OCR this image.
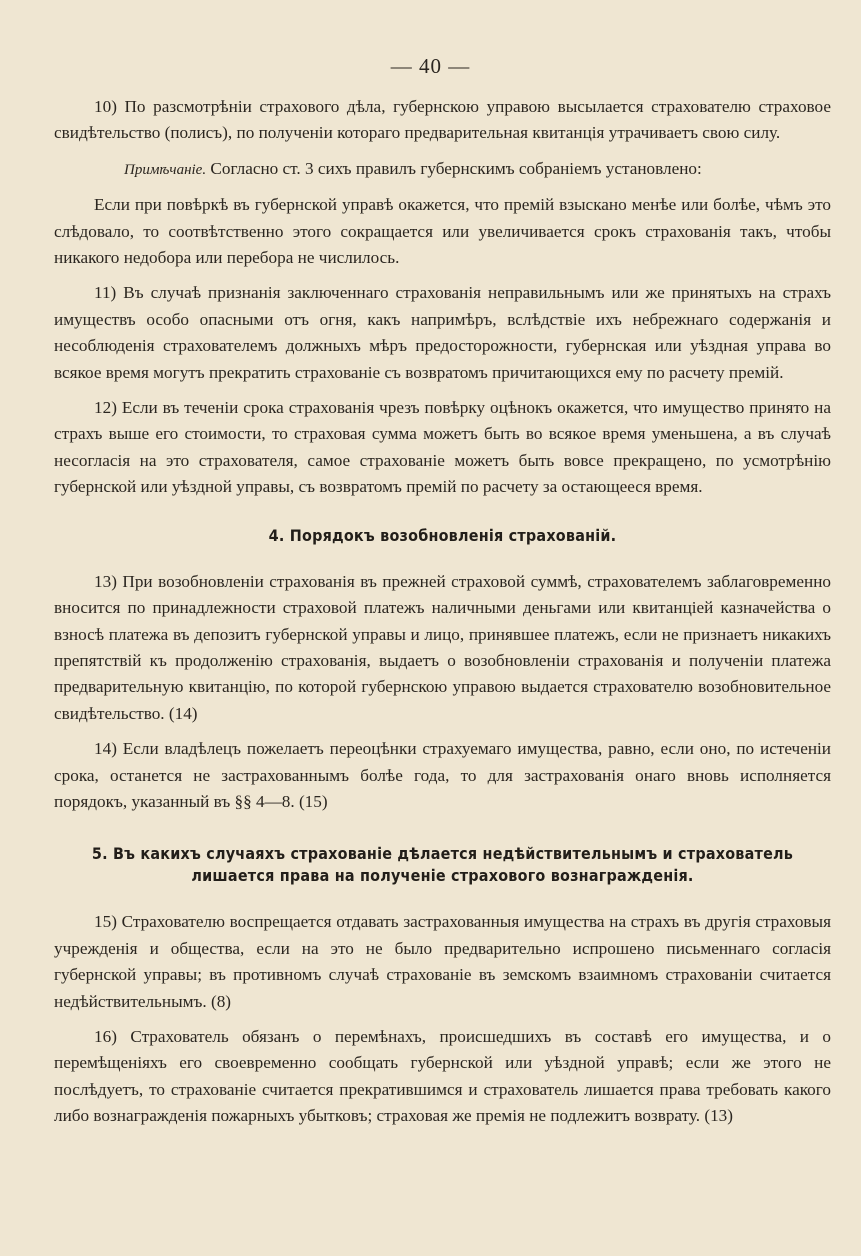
— 40 —

10) По разсмотрѣніи страхового дѣла, губернскою управою высылается страхователю страховое свидѣтельство (полисъ), по полученіи котораго предварительная квитанція утрачиваетъ свою силу.

Примѣчаніе. Согласно ст. 3 сихъ правилъ губернскимъ собраніемъ установлено:

Если при повѣркѣ въ губернской управѣ окажется, что премій взыскано менѣе или болѣе, чѣмъ это слѣдовало, то соотвѣтственно этого сокращается или увеличивается срокъ страхованія такъ, чтобы никакого недобора или перебора не числилось.

11) Въ случаѣ признанія заключеннаго страхованія неправильнымъ или же принятыхъ на страхъ имуществъ особо опасными отъ огня, какъ напримѣръ, вслѣдствіе ихъ небрежнаго содержанія и несоблюденія страхователемъ должныхъ мѣръ предосторожности, губернская или уѣздная управа во всякое время могутъ прекратить страхованіе съ возвратомъ причитающихся ему по расчету премій.

12) Если въ теченіи срока страхованія чрезъ повѣрку оцѣнокъ окажется, что имущество принято на страхъ выше его стоимости, то страховая сумма можетъ быть во всякое время уменьшена, а въ случаѣ несогласія на это страхователя, самое страхованіе можетъ быть вовсе прекращено, по усмотрѣнію губернской или уѣздной управы, съ возвратомъ премій по расчету за остающееся время.

4. Порядокъ возобновленія страхованій.

13) При возобновленіи страхованія въ прежней страховой суммѣ, страхователемъ заблаговременно вносится по принадлежности страховой платежъ наличными деньгами или квитанціей казначейства о взносѣ платежа въ депозитъ губернской управы и лицо, принявшее платежъ, если не признаетъ никакихъ препятствій къ продолженію страхованія, выдаетъ о возобновленіи страхованія и полученіи платежа предварительную квитанцію, по которой губернскою управою выдается страхователю возобновительное свидѣтельство. (14)

14) Если владѣлецъ пожелаетъ переоцѣнки страхуемаго имущества, равно, если оно, по истеченіи срока, останется не застрахованнымъ болѣе года, то для застрахованія онаго вновь исполняется порядокъ, указанный въ §§ 4—8. (15)

5. Въ какихъ случаяхъ страхованіе дѣлается недѣйствительнымъ и страхователь лишается права на полученіе страхового вознагражденія.

15) Страхователю воспрещается отдавать застрахованныя имущества на страхъ въ другія страховыя учрежденія и общества, если на это не было предварительно испрошено письменнаго согласія губернской управы; въ противномъ случаѣ страхованіе въ земскомъ взаимномъ страхованіи считается недѣйствительнымъ. (8)

16) Страхователь обязанъ о перемѣнахъ, происшедшихъ въ составѣ его имущества, и о перемѣщеніяхъ его своевременно сообщать губернской или уѣздной управѣ; если же этого не послѣдуетъ, то страхованіе считается прекратившимся и страхователь лишается права требовать какого либо вознагражденія пожарныхъ убытковъ; страховая же премія не подлежитъ возврату. (13)
